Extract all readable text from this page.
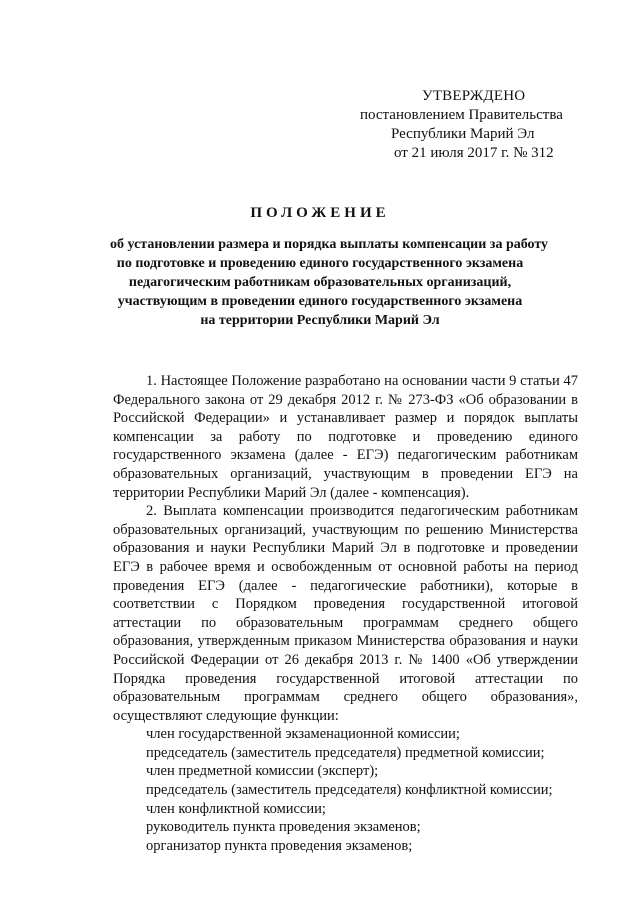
УТВЕРЖДЕНО
постановлением Правительства
Республики Марий Эл
от 21 июля 2017 г. № 312
ПОЛОЖЕНИЕ
об установлении размера и порядка выплаты компенсации за работу
по подготовке и проведению единого государственного экзамена
педагогическим работникам образовательных организаций,
участвующим в проведении единого государственного экзамена
на территории Республики Марий Эл

1. Настоящее Положение разработано на основании части 9 статьи 47 Федерального закона от 29 декабря 2012 г. № 273-ФЗ «Об образовании в Российской Федерации» и устанавливает размер и порядок выплаты компенсации за работу по подготовке и проведению единого государственного экзамена (далее - ЕГЭ) педагогическим работникам образовательных организаций, участвующим в проведении ЕГЭ на территории Республики Марий Эл (далее - компенсация).

2. Выплата компенсации производится педагогическим работникам образовательных организаций, участвующим по решению Министерства образования и науки Республики Марий Эл в подготовке и проведении ЕГЭ в рабочее время и освобожденным от основной работы на период проведения ЕГЭ (далее - педагогические работники), которые в соответствии с Порядком проведения государственной итоговой аттестации по образовательным программам среднего общего образования, утвержденным приказом Министерства образования и науки Российской Федерации от 26 декабря 2013 г. № 1400 «Об утверждении Порядка проведения государственной итоговой аттестации по образовательным программам среднего общего образования», осуществляют следующие функции:

член государственной экзаменационной комиссии;
председатель (заместитель председателя) предметной комиссии;
член предметной комиссии (эксперт);
председатель (заместитель председателя) конфликтной комиссии;
член конфликтной комиссии;
руководитель пункта проведения экзаменов;
организатор пункта проведения экзаменов;
